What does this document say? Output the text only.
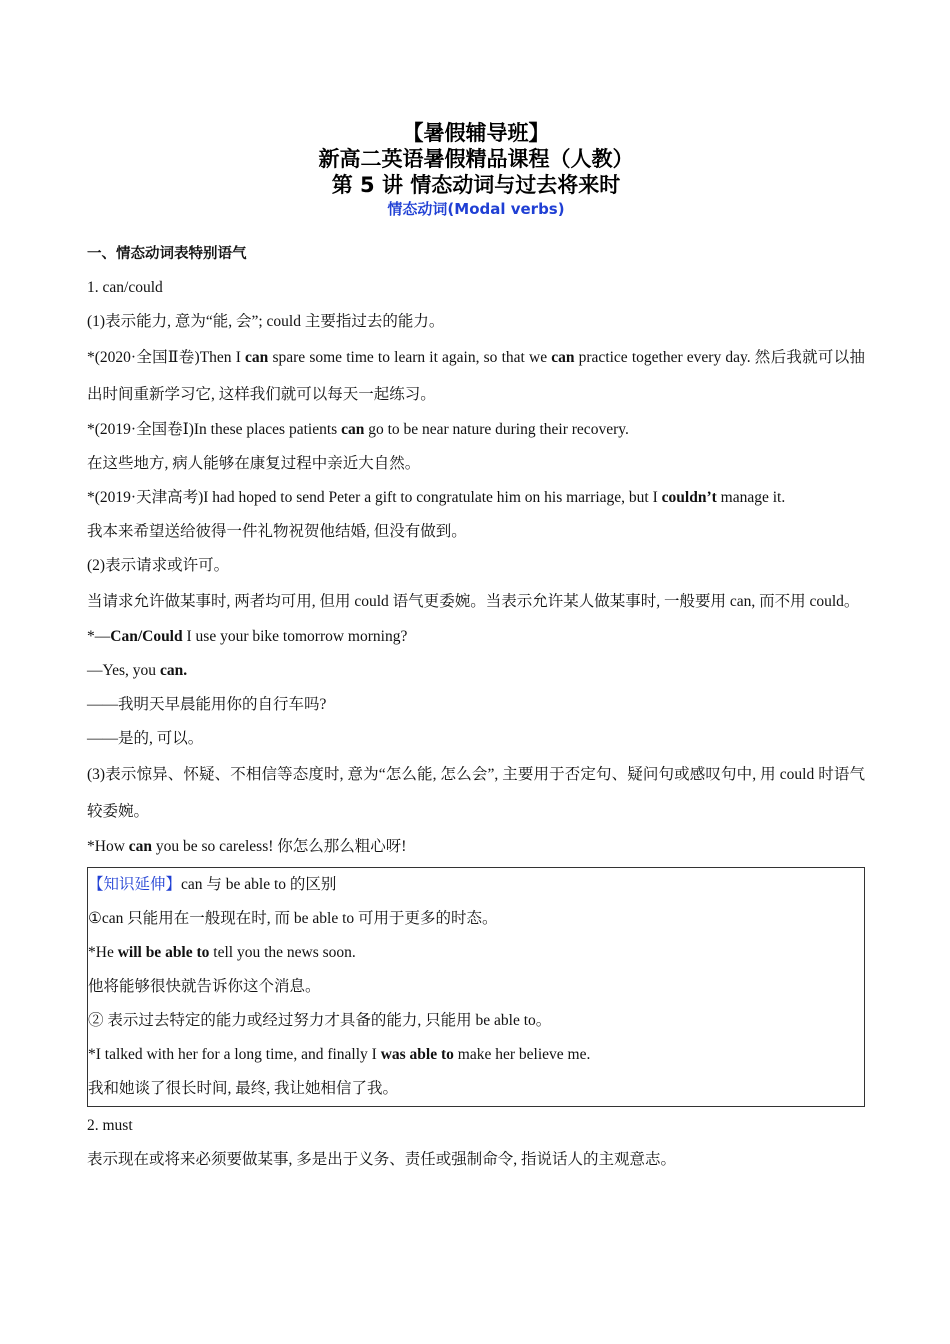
【暑假辅导班】
新高二英语暑假精品课程（人教）
第 5 讲 情态动词与过去将来时
情态动词(Modal verbs)
一、情态动词表特别语气

1. can/could

(1)表示能力, 意为“能, 会”; could 主要指过去的能力。

*(2020·全国Ⅱ卷)Then I can spare some time to learn it again, so that we can practice together every day. 然后我就可以抽出时间重新学习它, 这样我们就可以每天一起练习。

*(2019·全国卷Ⅰ)In these places patients can go to be near nature during their recovery.

在这些地方, 病人能够在康复过程中亲近大自然。

*(2019·天津高考)I had hoped to send Peter a gift to congratulate him on his marriage, but I couldn’t manage it.

我本来希望送给彼得一件礼物祝贺他结婚, 但没有做到。

(2)表示请求或许可。

当请求允许做某事时, 两者均可用, 但用 could 语气更委婉。当表示允许某人做某事时, 一般要用 can, 而不用 could。

*—Can/Could I use your bike tomorrow morning?

—Yes, you can.

——我明天早晨能用你的自行车吗?

——是的, 可以。

(3)表示惊异、怀疑、不相信等态度时, 意为“怎么能, 怎么会”, 主要用于否定句、疑问句或感叹句中, 用 could 时语气较委婉。

*How can you be so careless! 你怎么那么粗心呀!

【知识延伸】can 与 be able to 的区别

①can 只能用在一般现在时, 而 be able to 可用于更多的时态。

*He will be able to tell you the news soon.

他将能够很快就告诉你这个消息。

② 表示过去特定的能力或经过努力才具备的能力, 只能用 be able to。

*I talked with her for a long time, and finally I was able to make her believe me.

我和她谈了很长时间, 最终, 我让她相信了我。

2. must

表示现在或将来必须要做某事, 多是出于义务、责任或强制命令, 指说话人的主观意志。
